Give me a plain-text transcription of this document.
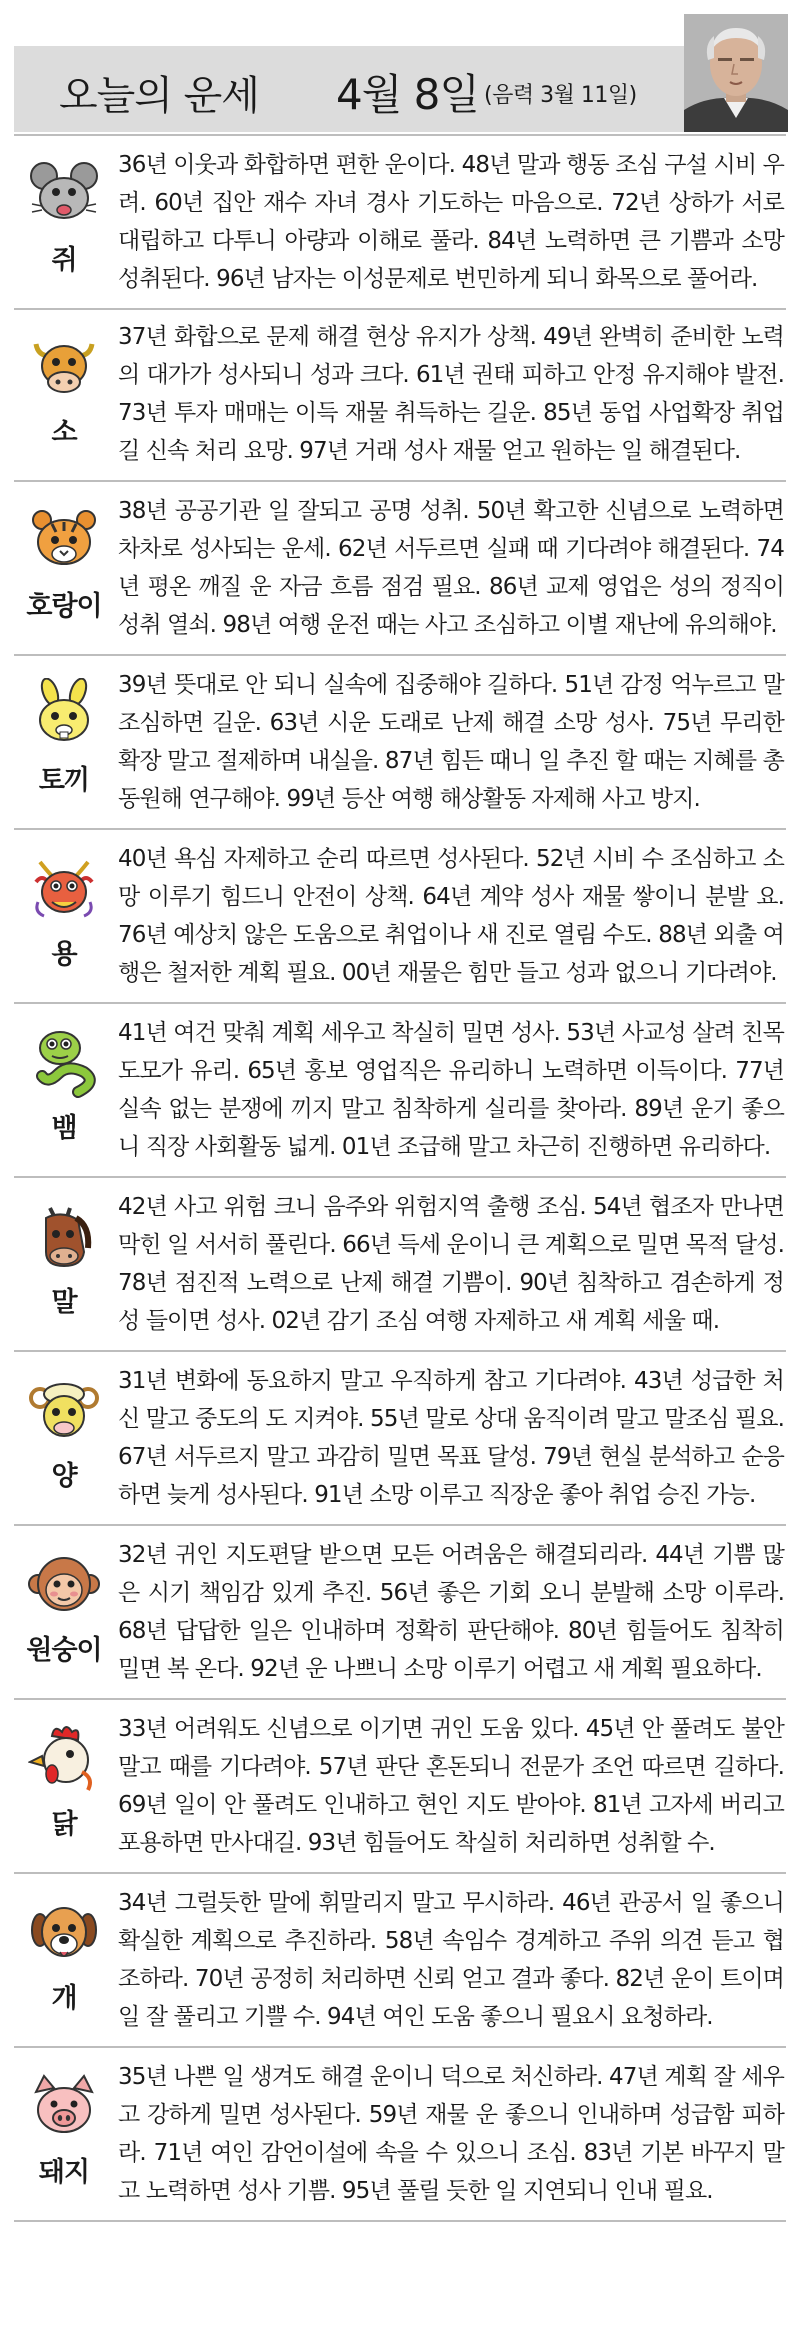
오늘의 운세 4월 8일 (음력 3월 11일)
쥐
36년 이웃과 화합하면 편한 운이다. 48년 말과 행동 조심 구설 시비 우려. 60년 집안 재수 자녀 경사 기도하는 마음으로. 72년 상하가 서로 대립하고 다투니 아량과 이해로 풀라. 84년 노력하면 큰 기쁨과 소망 성취된다. 96년 남자는 이성문제로 번민하게 되니 화목으로 풀어라.
소
37년 화합으로 문제 해결 현상 유지가 상책. 49년 완벽히 준비한 노력의 대가가 성사되니 성과 크다. 61년 권태 피하고 안정 유지해야 발전. 73년 투자 매매는 이득 재물 취득하는 길운. 85년 동업 사업확장 취업 길 신속 처리 요망. 97년 거래 성사 재물 얻고 원하는 일 해결된다.
호랑이
38년 공공기관 일 잘되고 공명 성취. 50년 확고한 신념으로 노력하면 차차로 성사되는 운세. 62년 서두르면 실패 때 기다려야 해결된다. 74년 평온 깨질 운 자금 흐름 점검 필요. 86년 교제 영업은 성의 정직이 성취 열쇠. 98년 여행 운전 때는 사고 조심하고 이별 재난에 유의해야.
토끼
39년 뜻대로 안 되니 실속에 집중해야 길하다. 51년 감정 억누르고 말 조심하면 길운. 63년 시운 도래로 난제 해결 소망 성사. 75년 무리한 확장 말고 절제하며 내실을. 87년 힘든 때니 일 추진 할 때는 지혜를 총동원해 연구해야. 99년 등산 여행 해상활동 자제해 사고 방지.
용
40년 욕심 자제하고 순리 따르면 성사된다. 52년 시비 수 조심하고 소망 이루기 힘드니 안전이 상책. 64년 계약 성사 재물 쌓이니 분발 요. 76년 예상치 않은 도움으로 취업이나 새 진로 열림 수도. 88년 외출 여행은 철저한 계획 필요. 00년 재물은 힘만 들고 성과 없으니 기다려야.
뱀
41년 여건 맞춰 계획 세우고 착실히 밀면 성사. 53년 사교성 살려 친목 도모가 유리. 65년 홍보 영업직은 유리하니 노력하면 이득이다. 77년 실속 없는 분쟁에 끼지 말고 침착하게 실리를 찾아라. 89년 운기 좋으니 직장 사회활동 넓게. 01년 조급해 말고 차근히 진행하면 유리하다.
말
42년 사고 위험 크니 음주와 위험지역 출행 조심. 54년 협조자 만나면 막힌 일 서서히 풀린다. 66년 득세 운이니 큰 계획으로 밀면 목적 달성. 78년 점진적 노력으로 난제 해결 기쁨이. 90년 침착하고 겸손하게 정성 들이면 성사. 02년 감기 조심 여행 자제하고 새 계획 세울 때.
양
31년 변화에 동요하지 말고 우직하게 참고 기다려야. 43년 성급한 처신 말고 중도의 도 지켜야. 55년 말로 상대 움직이려 말고 말조심 필요. 67년 서두르지 말고 과감히 밀면 목표 달성. 79년 현실 분석하고 순응하면 늦게 성사된다. 91년 소망 이루고 직장운 좋아 취업 승진 가능.
원숭이
32년 귀인 지도편달 받으면 모든 어려움은 해결되리라. 44년 기쁨 많은 시기 책임감 있게 추진. 56년 좋은 기회 오니 분발해 소망 이루라. 68년 답답한 일은 인내하며 정확히 판단해야. 80년 힘들어도 침착히 밀면 복 온다. 92년 운 나쁘니 소망 이루기 어렵고 새 계획 필요하다.
닭
33년 어려워도 신념으로 이기면 귀인 도움 있다. 45년 안 풀려도 불안 말고 때를 기다려야. 57년 판단 혼돈되니 전문가 조언 따르면 길하다. 69년 일이 안 풀려도 인내하고 현인 지도 받아야. 81년 고자세 버리고 포용하면 만사대길. 93년 힘들어도 착실히 처리하면 성취할 수.
개
34년 그럴듯한 말에 휘말리지 말고 무시하라. 46년 관공서 일 좋으니 확실한 계획으로 추진하라. 58년 속임수 경계하고 주위 의견 듣고 협조하라. 70년 공정히 처리하면 신뢰 얻고 결과 좋다. 82년 운이 트이며 일 잘 풀리고 기쁠 수. 94년 여인 도움 좋으니 필요시 요청하라.
돼지
35년 나쁜 일 생겨도 해결 운이니 덕으로 처신하라. 47년 계획 잘 세우고 강하게 밀면 성사된다. 59년 재물 운 좋으니 인내하며 성급함 피하라. 71년 여인 감언이설에 속을 수 있으니 조심. 83년 기본 바꾸지 말고 노력하면 성사 기쁨. 95년 풀릴 듯한 일 지연되니 인내 필요.
